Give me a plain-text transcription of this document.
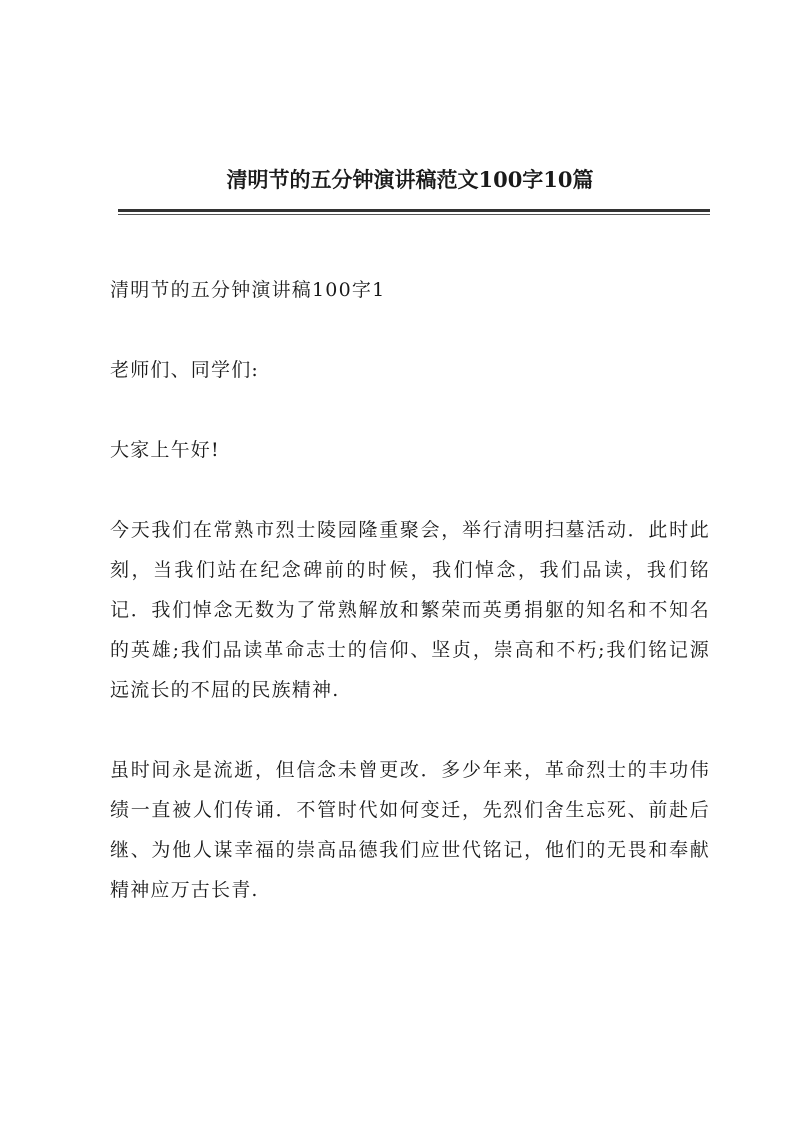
清明节的五分钟演讲稿范文100字10篇

清明节的五分钟演讲稿100字1

老师们、同学们:

大家上午好!

今天我们在常熟市烈士陵园隆重聚会，举行清明扫墓活动．此时此刻，当我们站在纪念碑前的时候，我们悼念，我们品读，我们铭记．我们悼念无数为了常熟解放和繁荣而英勇捐躯的知名和不知名的英雄;我们品读革命志士的信仰、坚贞，崇高和不朽;我们铭记源远流长的不屈的民族精神.

虽时间永是流逝，但信念未曾更改．多少年来，革命烈士的丰功伟绩一直被人们传诵．不管时代如何变迁，先烈们舍生忘死、前赴后继、为他人谋幸福的崇高品德我们应世代铭记，他们的无畏和奉献精神应万古长青.
